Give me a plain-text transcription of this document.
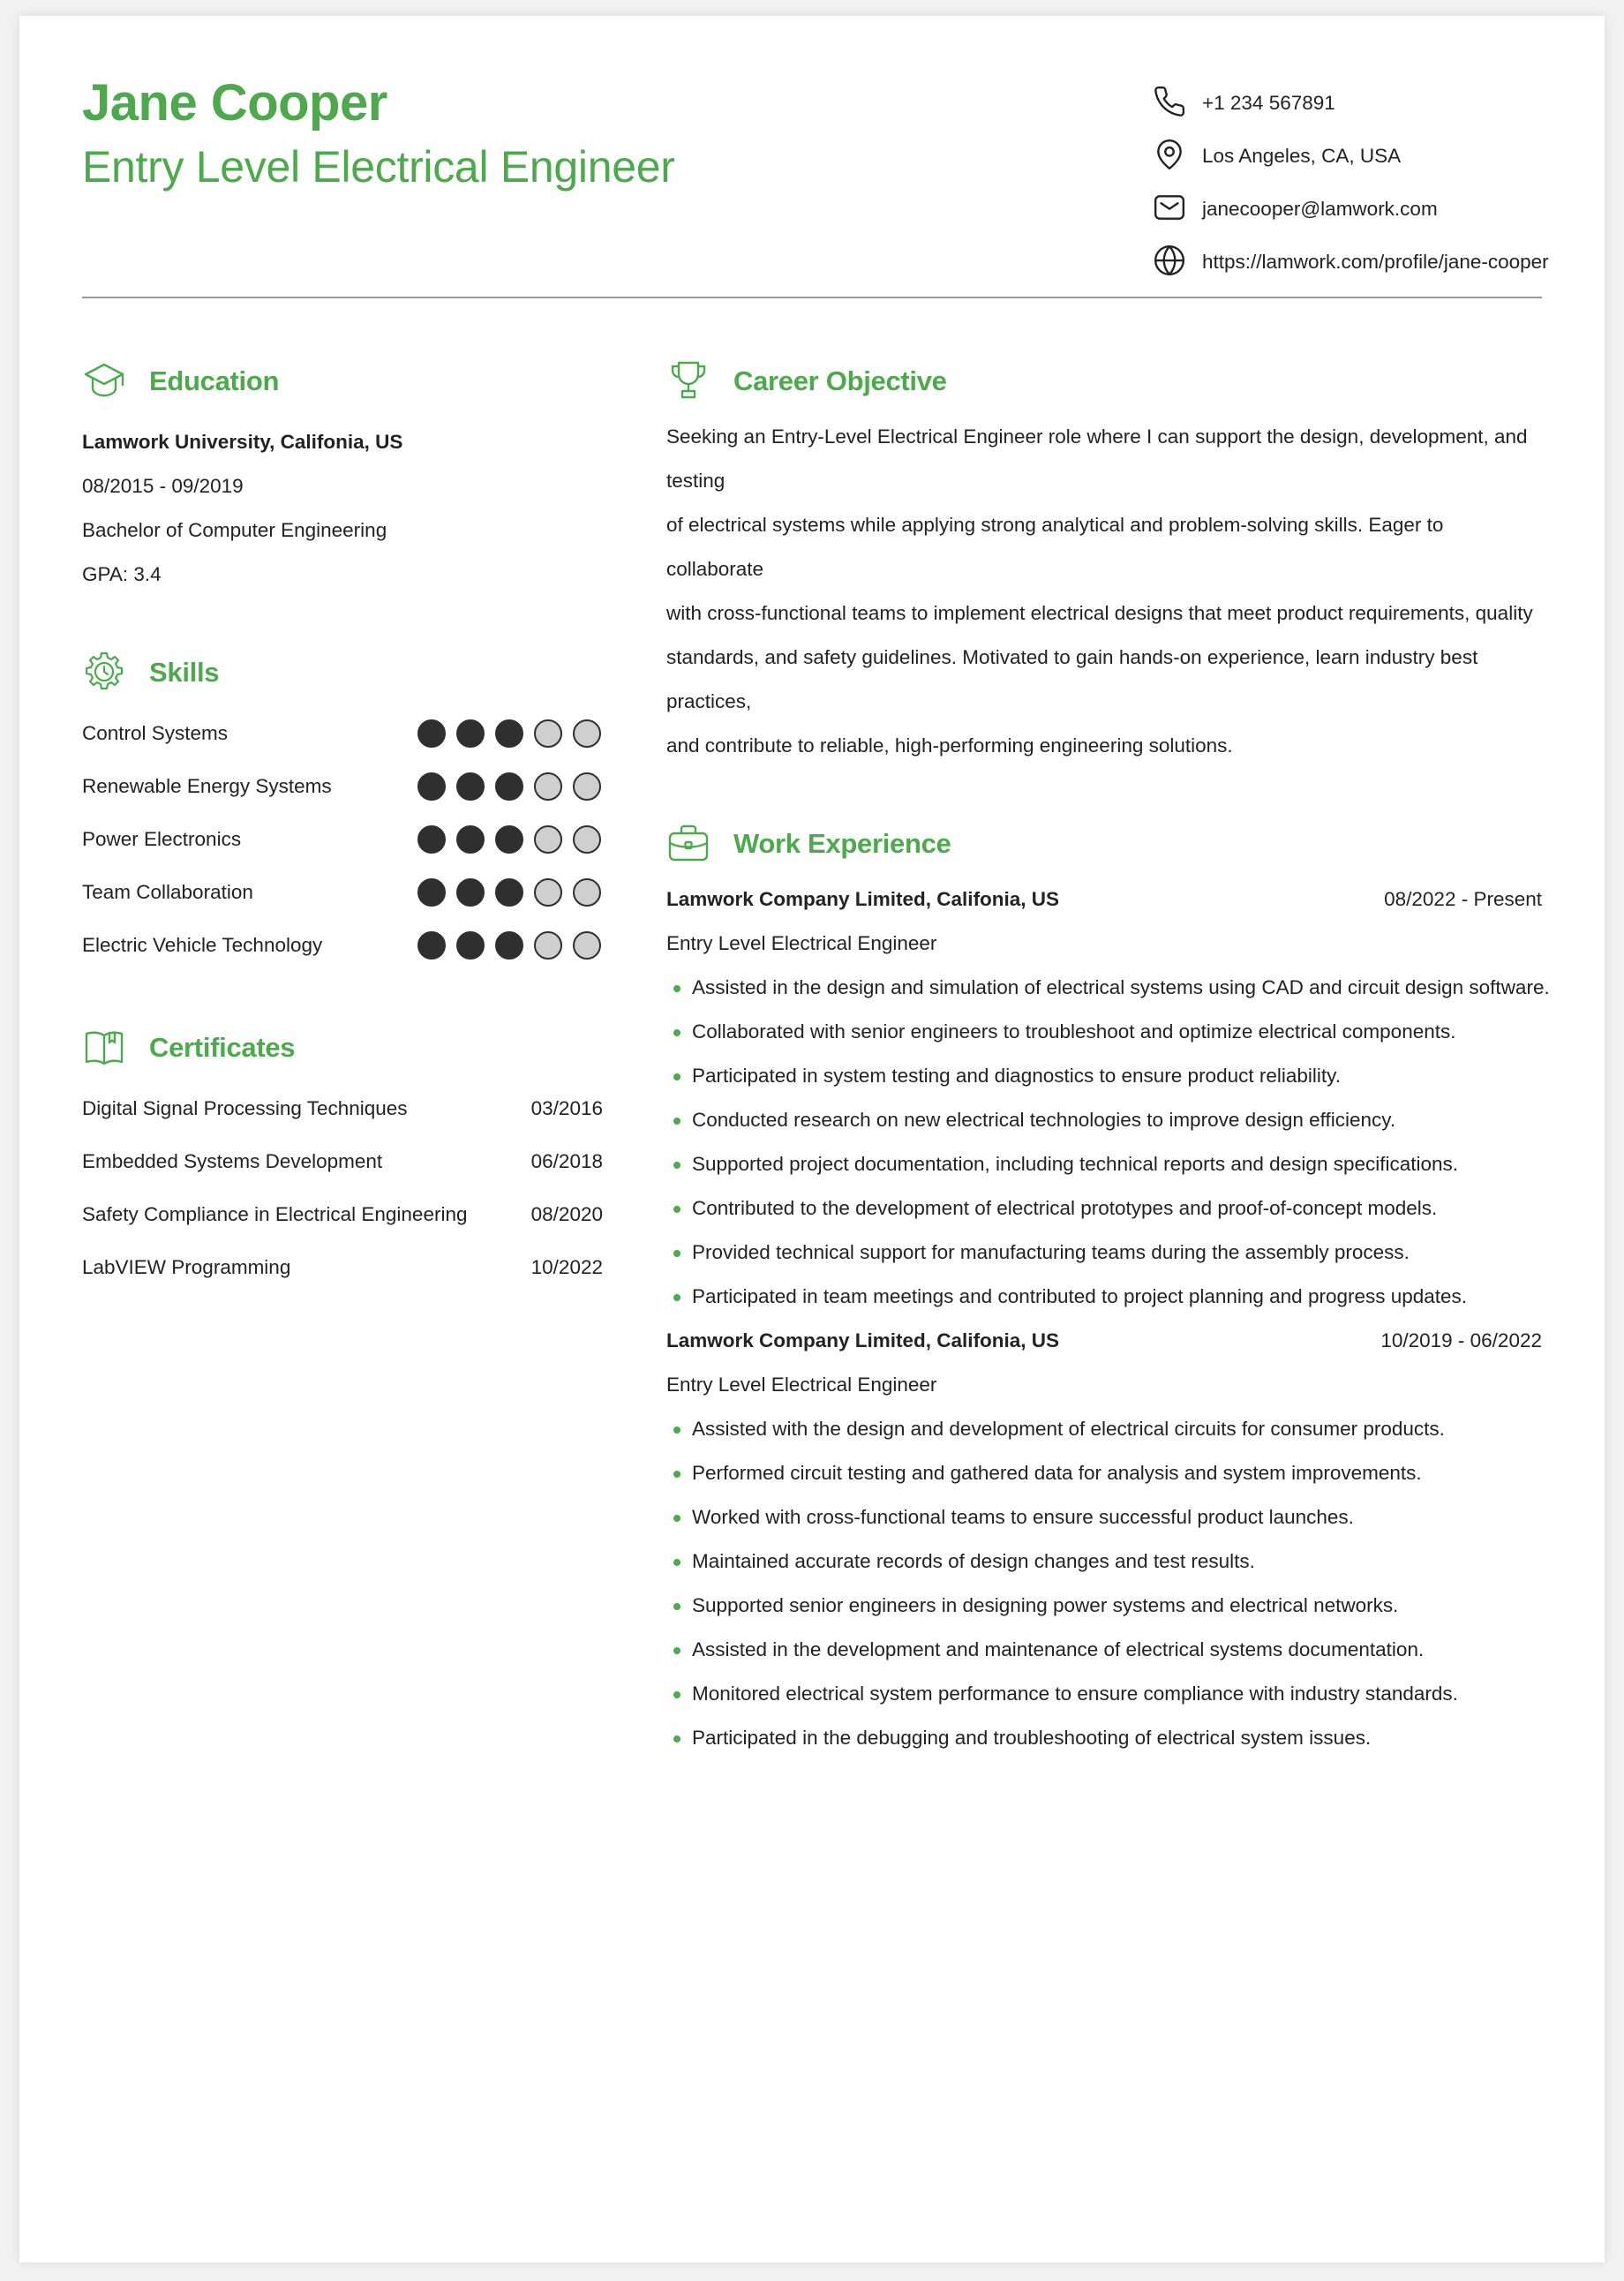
Jane Cooper
Entry Level Electrical Engineer
+1 234 567891
Los Angeles, CA, USA
janecooper@lamwork.com
https://lamwork.com/profile/jane-cooper
Education
Lamwork University, Califonia, US
08/2015 - 09/2019
Bachelor of Computer Engineering
GPA: 3.4
Skills
Control Systems
Renewable Energy Systems
Power Electronics
Team Collaboration
Electric Vehicle Technology
Certificates
Digital Signal Processing Techniques	03/2016
Embedded Systems Development	06/2018
Safety Compliance in Electrical Engineering	08/2020
LabVIEW Programming	10/2022
Career Objective
Seeking an Entry-Level Electrical Engineer role where I can support the design, development, and testing
of electrical systems while applying strong analytical and problem-solving skills. Eager to collaborate
with cross-functional teams to implement electrical designs that meet product requirements, quality
standards, and safety guidelines. Motivated to gain hands-on experience, learn industry best practices,
and contribute to reliable, high-performing engineering solutions.
Work Experience
Lamwork Company Limited, Califonia, US	08/2022 - Present
Entry Level Electrical Engineer
Assisted in the design and simulation of electrical systems using CAD and circuit design software.
Collaborated with senior engineers to troubleshoot and optimize electrical components.
Participated in system testing and diagnostics to ensure product reliability.
Conducted research on new electrical technologies to improve design efficiency.
Supported project documentation, including technical reports and design specifications.
Contributed to the development of electrical prototypes and proof-of-concept models.
Provided technical support for manufacturing teams during the assembly process.
Participated in team meetings and contributed to project planning and progress updates.
Lamwork Company Limited, Califonia, US	10/2019 - 06/2022
Entry Level Electrical Engineer
Assisted with the design and development of electrical circuits for consumer products.
Performed circuit testing and gathered data for analysis and system improvements.
Worked with cross-functional teams to ensure successful product launches.
Maintained accurate records of design changes and test results.
Supported senior engineers in designing power systems and electrical networks.
Assisted in the development and maintenance of electrical systems documentation.
Monitored electrical system performance to ensure compliance with industry standards.
Participated in the debugging and troubleshooting of electrical system issues.
